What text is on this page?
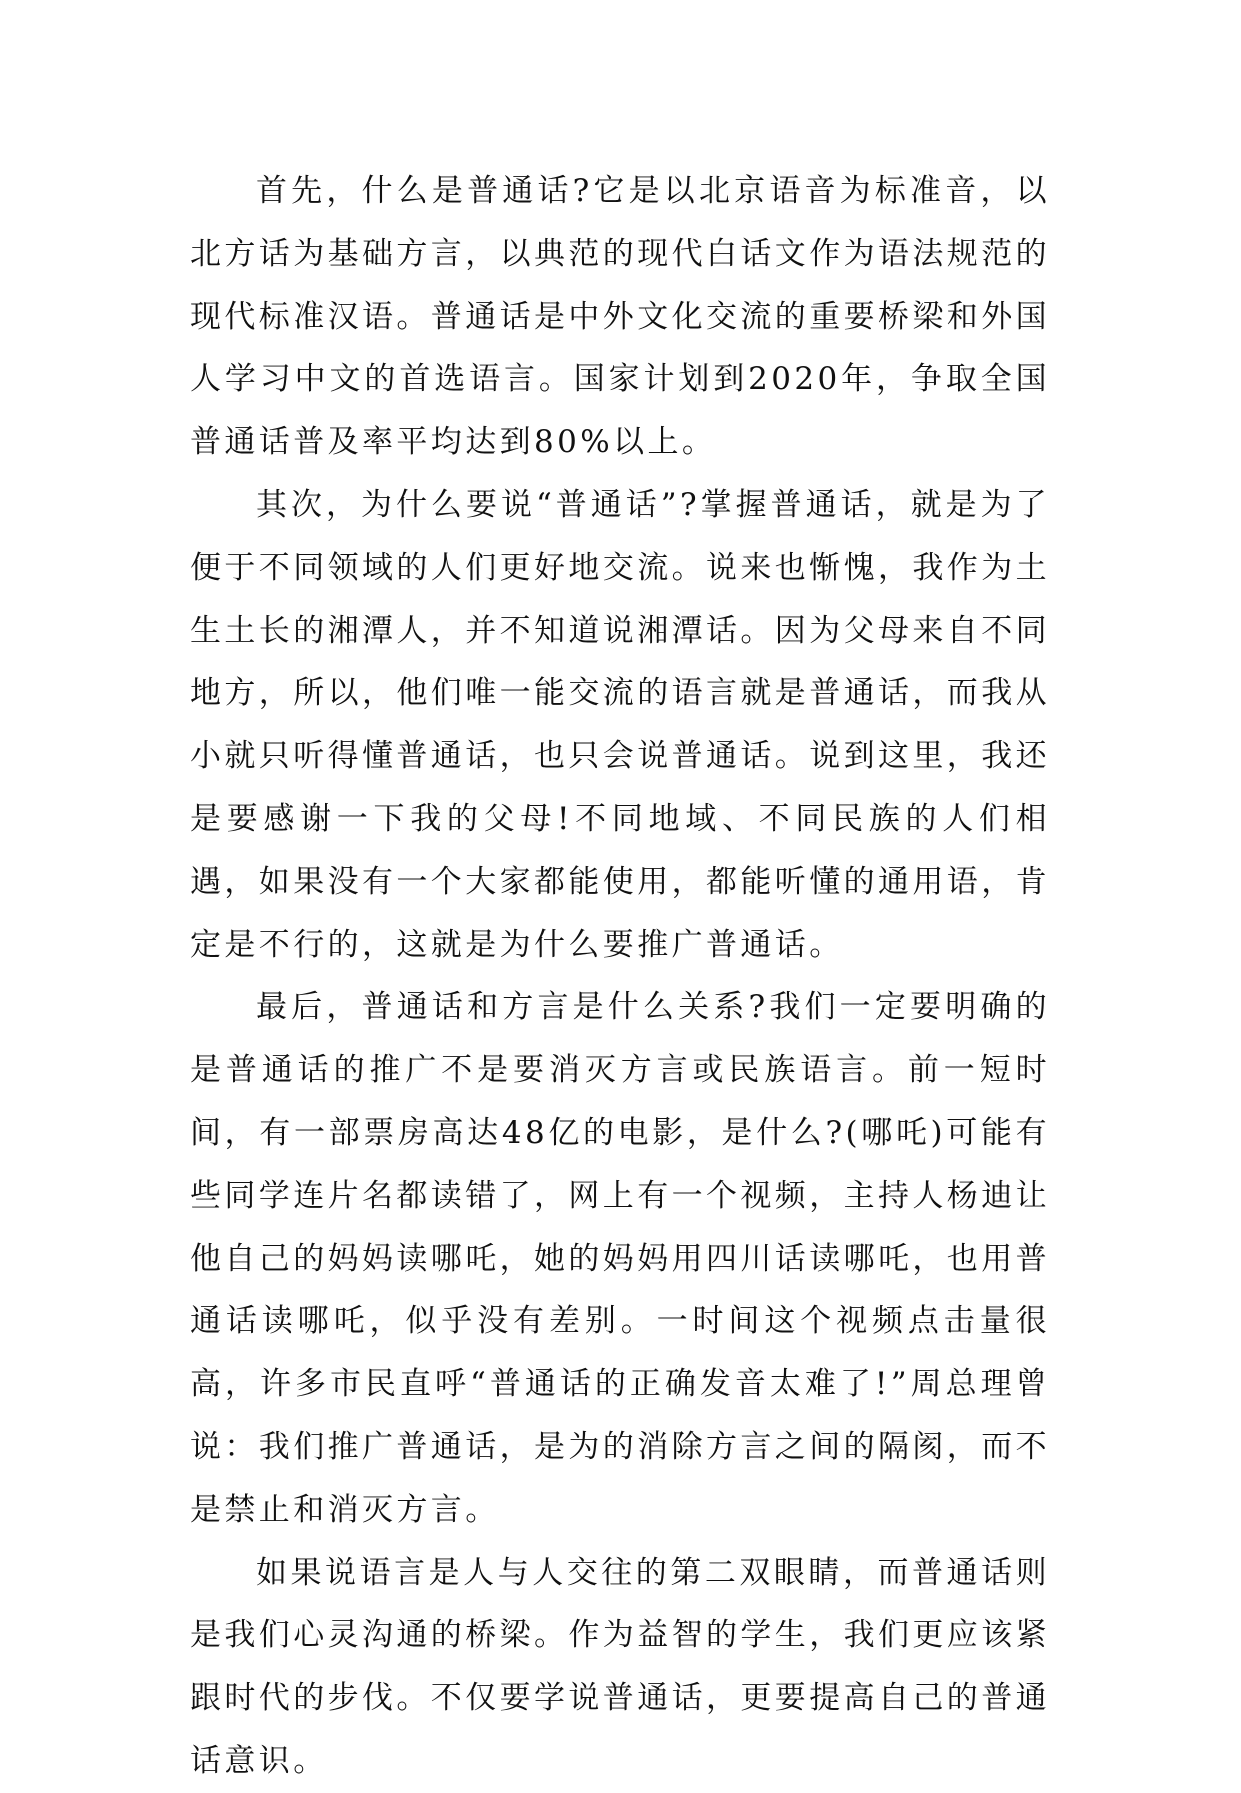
首先，什么是普通话?它是以北京语音为标准音，以北方话为基础方言，以典范的现代白话文作为语法规范的现代标准汉语。普通话是中外文化交流的重要桥梁和外国人学习中文的首选语言。国家计划到2020年，争取全国普通话普及率平均达到80%以上。

其次，为什么要说“普通话”?掌握普通话，就是为了便于不同领域的人们更好地交流。说来也惭愧，我作为土生土长的湘潭人，并不知道说湘潭话。因为父母来自不同地方，所以，他们唯一能交流的语言就是普通话，而我从小就只听得懂普通话，也只会说普通话。说到这里，我还是要感谢一下我的父母!不同地域、不同民族的人们相遇，如果没有一个大家都能使用，都能听懂的通用语，肯定是不行的，这就是为什么要推广普通话。

最后，普通话和方言是什么关系?我们一定要明确的是普通话的推广不是要消灭方言或民族语言。前一短时间，有一部票房高达48亿的电影，是什么?(哪吒)可能有些同学连片名都读错了，网上有一个视频，主持人杨迪让他自己的妈妈读哪吒，她的妈妈用四川话读哪吒，也用普通话读哪吒，似乎没有差别。一时间这个视频点击量很高，许多市民直呼“普通话的正确发音太难了!”周总理曾说：我们推广普通话，是为的消除方言之间的隔阂，而不是禁止和消灭方言。

如果说语言是人与人交往的第二双眼睛，而普通话则是我们心灵沟通的桥梁。作为益智的学生，我们更应该紧跟时代的步伐。不仅要学说普通话，更要提高自己的普通话意识。
